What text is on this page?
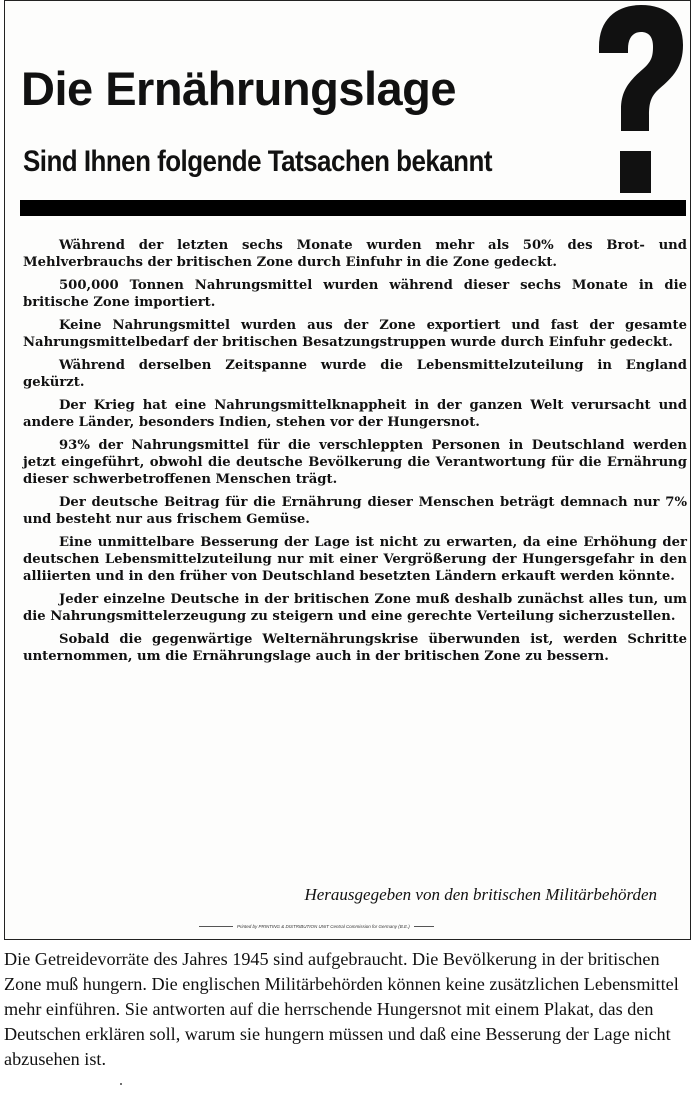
Die Ernährungslage
Sind Ihnen folgende Tatsachen bekannt

Während der letzten sechs Monate wurden mehr als 50% des Brot- und Mehlverbrauchs der britischen Zone durch Einfuhr in die Zone gedeckt.

500,000 Tonnen Nahrungsmittel wurden während dieser sechs Monate in die britische Zone importiert.

Keine Nahrungsmittel wurden aus der Zone exportiert und fast der gesamte Nahrungsmittelbedarf der britischen Besatzungstruppen wurde durch Einfuhr gedeckt.

Während derselben Zeitspanne wurde die Lebensmittelzuteilung in England gekürzt.

Der Krieg hat eine Nahrungsmittelknappheit in der ganzen Welt verursacht und andere Länder, besonders Indien, stehen vor der Hungersnot.

93% der Nahrungsmittel für die verschleppten Personen in Deutschland werden jetzt eingeführt, obwohl die deutsche Bevölkerung die Verantwortung für die Ernährung dieser schwerbetroffenen Menschen trägt.

Der deutsche Beitrag für die Ernährung dieser Menschen beträgt demnach nur 7% und besteht nur aus frischem Gemüse.

Eine unmittelbare Besserung der Lage ist nicht zu erwarten, da eine Erhöhung der deutschen Lebensmittelzuteilung nur mit einer Vergrößerung der Hungersgefahr in den alliierten und in den früher von Deutschland besetzten Ländern erkauft werden könnte.

Jeder einzelne Deutsche in der britischen Zone muß deshalb zunächst alles tun, um die Nahrungsmittelerzeugung zu steigern und eine gerechte Verteilung sicherzustellen.

Sobald die gegenwärtige Welternährungskrise überwunden ist, werden Schritte unternommen, um die Ernährungslage auch in der britischen Zone zu bessern.

Herausgegeben von den britischen Militärbehörden
Printed by PRINTING & DISTRIBUTION UNIT Central Commission for Germany (B.E.)

Die Getreidevorräte des Jahres 1945 sind aufgebraucht. Die Bevölkerung in der britischen Zone muß hungern. Die englischen Militärbehörden können keine zusätzlichen Lebensmittel mehr einführen. Sie antworten auf die herrschende Hungersnot mit einem Plakat, das den Deutschen erklären soll, warum sie hungern müssen und daß eine Besserung der Lage nicht abzusehen ist.
